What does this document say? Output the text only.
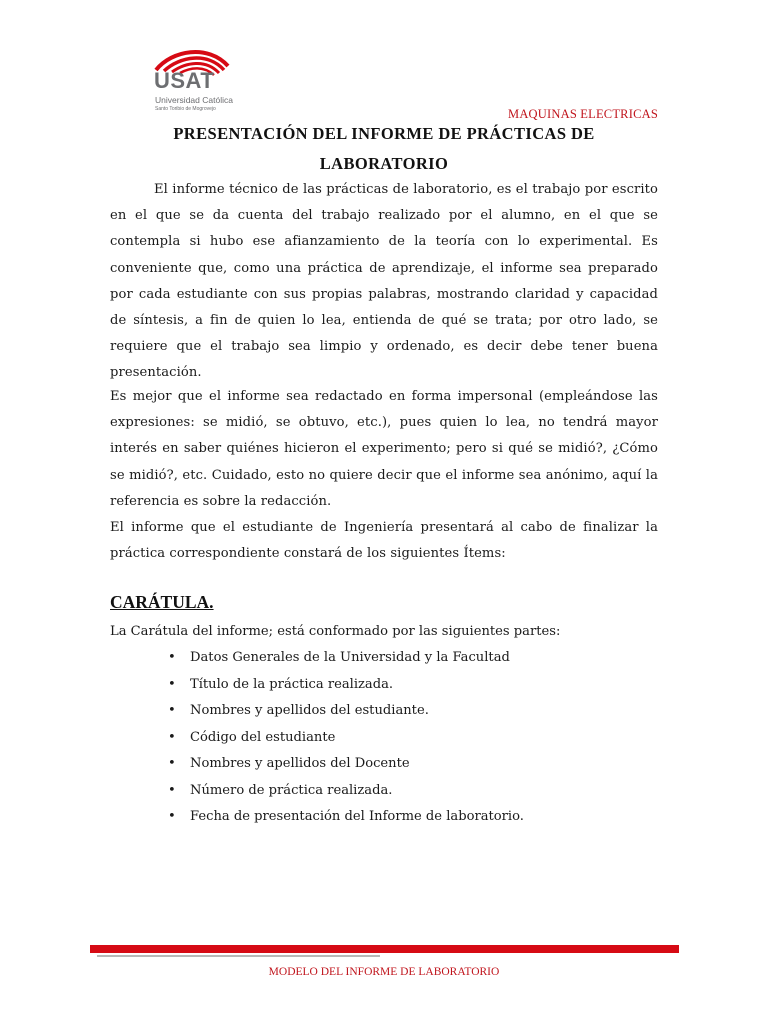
USAT
Universidad Católica
Santo Toribio de Mogrovejo	MAQUINAS ELECTRICAS
PRESENTACIÓN DEL INFORME DE PRÁCTICAS DE
LABORATORIO

El informe técnico de las prácticas de laboratorio, es el trabajo por escrito en el que se da cuenta del trabajo realizado por el alumno, en el que se contempla si hubo ese afianzamiento de la teoría con lo experimental. Es conveniente que, como una práctica de aprendizaje, el informe sea preparado por cada estudiante con sus propias palabras, mostrando claridad y capacidad de síntesis, a fin de quien lo lea, entienda de qué se trata; por otro lado, se requiere que el trabajo sea limpio y ordenado, es decir debe tener buena presentación.

Es mejor que el informe sea redactado en forma impersonal (empleándose las expresiones: se midió, se obtuvo, etc.), pues quien lo lea, no tendrá mayor interés en saber quiénes hicieron el experimento; pero si qué se midió?, ¿Cómo se midió?, etc. Cuidado, esto no quiere decir que el informe sea anónimo, aquí la referencia es sobre la redacción.

El informe que el estudiante de Ingeniería presentará al cabo de finalizar la práctica correspondiente constará de los siguientes Ítems:

CARÁTULA.
La Carátula del informe; está conformado por las siguientes partes:
• Datos Generales de la Universidad y la Facultad
• Título de la práctica realizada.
• Nombres y apellidos del estudiante.
• Código del estudiante
• Nombres y apellidos del Docente
• Número de práctica realizada.
• Fecha de presentación del Informe de laboratorio.
MODELO DEL INFORME DE LABORATORIO
